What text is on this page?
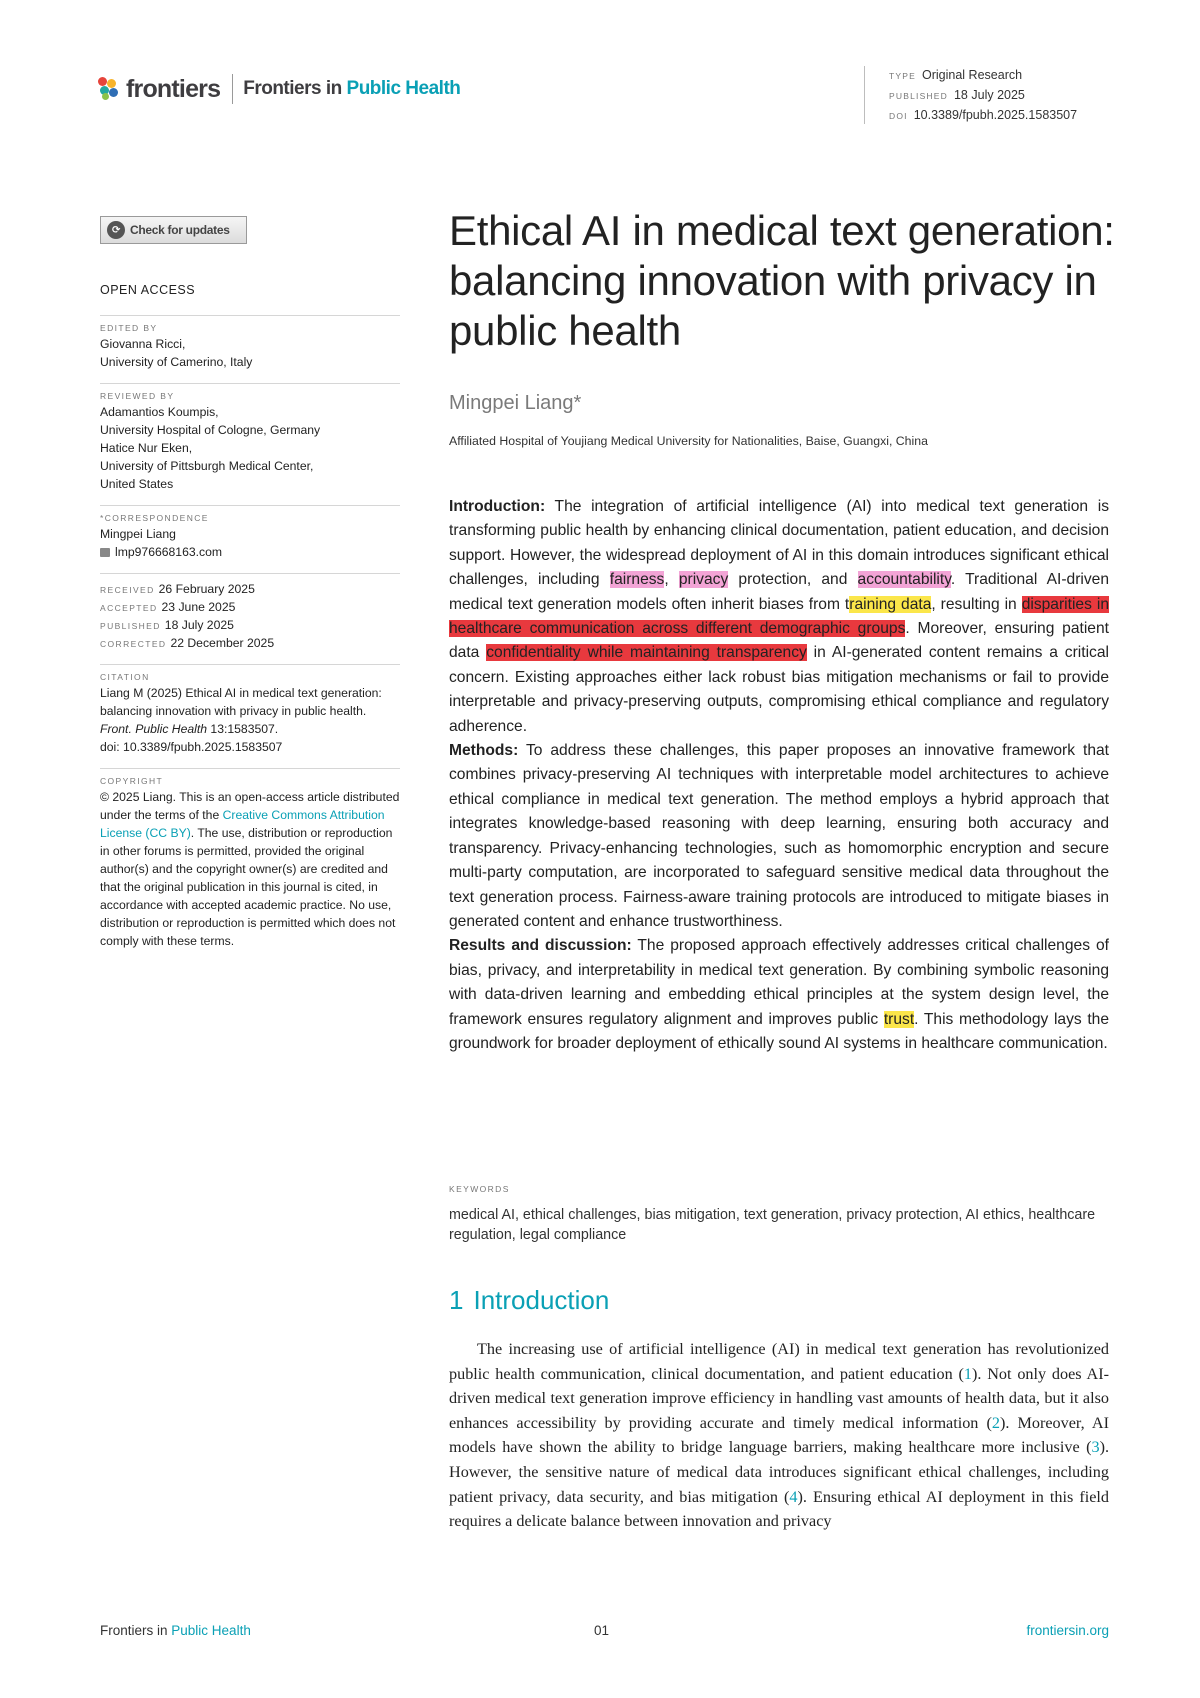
frontiers Frontiers in Public Health
TYPE Original Research
PUBLISHED 18 July 2025
DOI 10.3389/fpubh.2025.1583507
⟳ Check for updates
OPEN ACCESS
EDITED BY
Giovanna Ricci,
University of Camerino, Italy
REVIEWED BY
Adamantios Koumpis,
University Hospital of Cologne, Germany
Hatice Nur Eken,
University of Pittsburgh Medical Center,
United States
*CORRESPONDENCE
Mingpei Liang
lmp976668163.com
RECEIVED 26 February 2025
ACCEPTED 23 June 2025
PUBLISHED 18 July 2025
CORRECTED 22 December 2025
CITATION
Liang M (2025) Ethical AI in medical text generation: balancing innovation with privacy in public health. Front. Public Health 13:1583507.
doi: 10.3389/fpubh.2025.1583507
COPYRIGHT
© 2025 Liang. This is an open-access article distributed under the terms of the Creative Commons Attribution License (CC BY). The use, distribution or reproduction in other forums is permitted, provided the original author(s) and the copyright owner(s) are credited and that the original publication in this journal is cited, in accordance with accepted academic practice. No use, distribution or reproduction is permitted which does not comply with these terms.
Ethical AI in medical text generation: balancing innovation with privacy in public health
Mingpei Liang*
Affiliated Hospital of Youjiang Medical University for Nationalities, Baise, Guangxi, China

Introduction: The integration of artificial intelligence (AI) into medical text generation is transforming public health by enhancing clinical documentation, patient education, and decision support. However, the widespread deployment of AI in this domain introduces significant ethical challenges, including fairness, privacy protection, and accountability. Traditional AI-driven medical text generation models often inherit biases from training data, resulting in disparities in healthcare communication across different demographic groups. Moreover, ensuring patient data confidentiality while maintaining transparency in AI-generated content remains a critical concern. Existing approaches either lack robust bias mitigation mechanisms or fail to provide interpretable and privacy-preserving outputs, compromising ethical compliance and regulatory adherence.

Methods: To address these challenges, this paper proposes an innovative framework that combines privacy-preserving AI techniques with interpretable model architectures to achieve ethical compliance in medical text generation. The method employs a hybrid approach that integrates knowledge-based reasoning with deep learning, ensuring both accuracy and transparency. Privacy-enhancing technologies, such as homomorphic encryption and secure multi-party computation, are incorporated to safeguard sensitive medical data throughout the text generation process. Fairness-aware training protocols are introduced to mitigate biases in generated content and enhance trustworthiness.

Results and discussion: The proposed approach effectively addresses critical challenges of bias, privacy, and interpretability in medical text generation. By combining symbolic reasoning with data-driven learning and embedding ethical principles at the system design level, the framework ensures regulatory alignment and improves public trust. This methodology lays the groundwork for broader deployment of ethically sound AI systems in healthcare communication.

KEYWORDS
medical AI, ethical challenges, bias mitigation, text generation, privacy protection, AI ethics, healthcare regulation, legal compliance
1 Introduction

The increasing use of artificial intelligence (AI) in medical text generation has revolutionized public health communication, clinical documentation, and patient education (1). Not only does AI-driven medical text generation improve efficiency in handling vast amounts of health data, but it also enhances accessibility by providing accurate and timely medical information (2). Moreover, AI models have shown the ability to bridge language barriers, making healthcare more inclusive (3). However, the sensitive nature of medical data introduces significant ethical challenges, including patient privacy, data security, and bias mitigation (4). Ensuring ethical AI deployment in this field requires a delicate balance between innovation and privacy

Frontiers in Public Health	01	frontiersin.org
